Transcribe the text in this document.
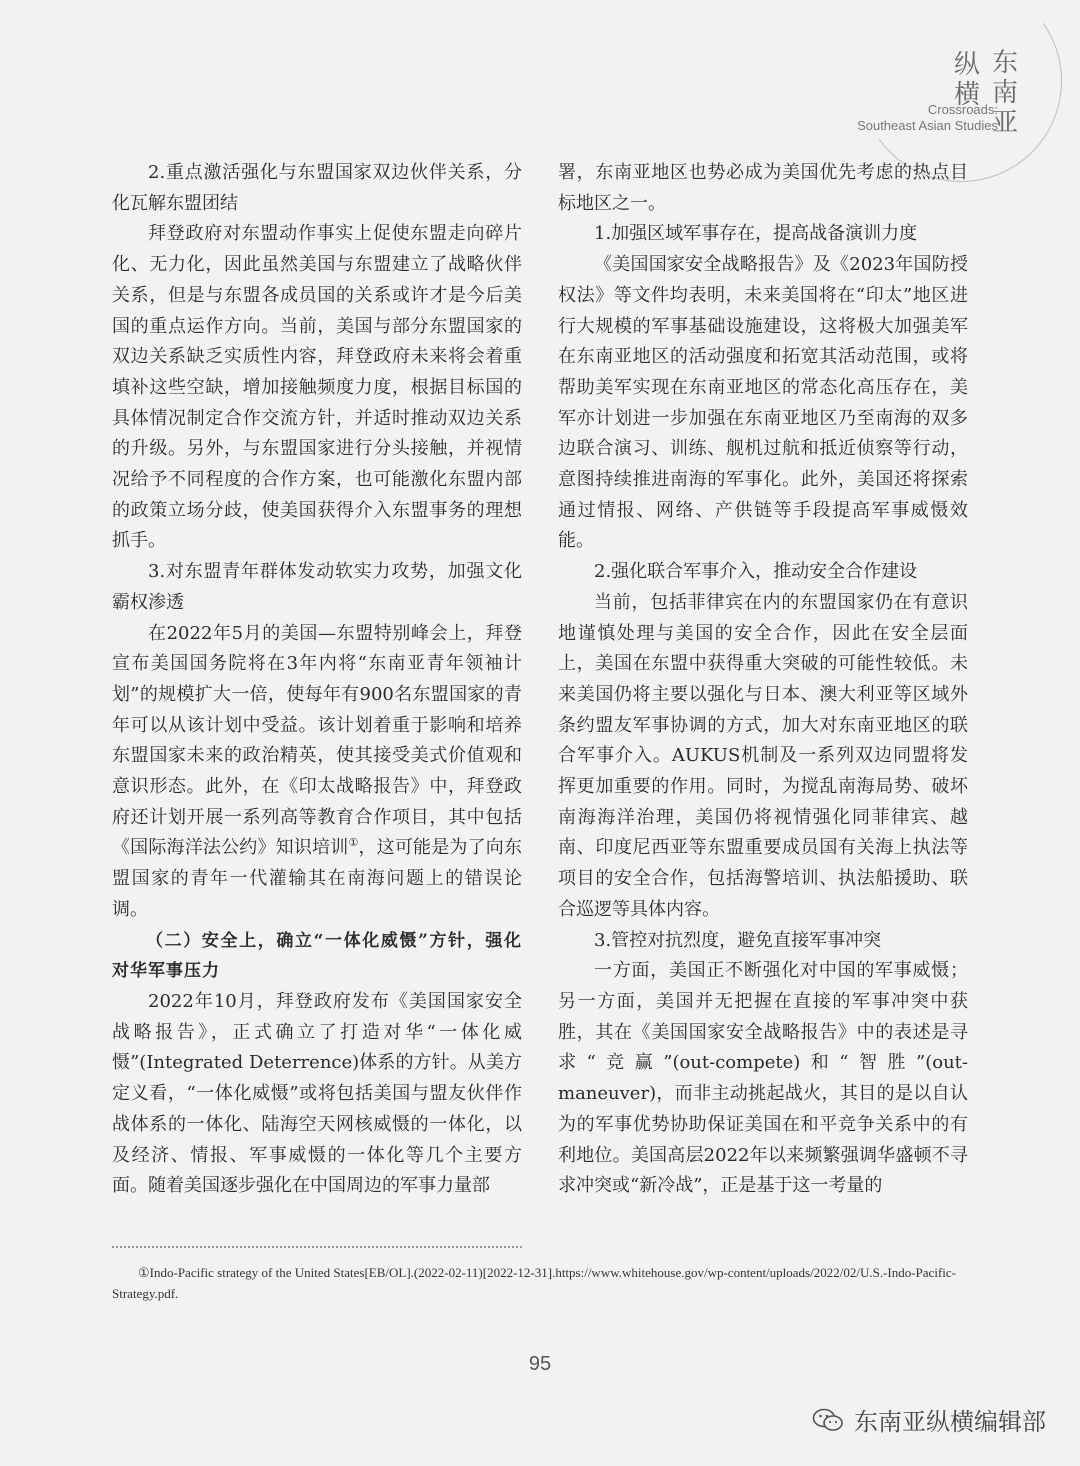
纵
横
东
南
亚
Crossroads:
Southeast Asian Studies

2.重点激活强化与东盟国家双边伙伴关系，分化瓦解东盟团结

拜登政府对东盟动作事实上促使东盟走向碎片化、无力化，因此虽然美国与东盟建立了战略伙伴关系，但是与东盟各成员国的关系或许才是今后美国的重点运作方向。当前，美国与部分东盟国家的双边关系缺乏实质性内容，拜登政府未来将会着重填补这些空缺，增加接触频度力度，根据目标国的具体情况制定合作交流方针，并适时推动双边关系的升级。另外，与东盟国家进行分头接触，并视情况给予不同程度的合作方案，也可能激化东盟内部的政策立场分歧，使美国获得介入东盟事务的理想抓手。

3.对东盟青年群体发动软实力攻势，加强文化霸权渗透

在2022年5月的美国—东盟特别峰会上，拜登宣布美国国务院将在3年内将“东南亚青年领袖计划”的规模扩大一倍，使每年有900名东盟国家的青年可以从该计划中受益。该计划着重于影响和培养东盟国家未来的政治精英，使其接受美式价值观和意识形态。此外，在《印太战略报告》中，拜登政府还计划开展一系列高等教育合作项目，其中包括《国际海洋法公约》知识培训①，这可能是为了向东盟国家的青年一代灌输其在南海问题上的错误论调。

（二）安全上，确立“一体化威慑”方针，强化对华军事压力

2022年10月，拜登政府发布《美国国家安全战略报告》，正式确立了打造对华“一体化威慑”(Integrated Deterrence)体系的方针。从美方定义看，“一体化威慑”或将包括美国与盟友伙伴作战体系的一体化、陆海空天网核威慑的一体化，以及经济、情报、军事威慑的一体化等几个主要方面。随着美国逐步强化在中国周边的军事力量部

署，东南亚地区也势必成为美国优先考虑的热点目标地区之一。

1.加强区域军事存在，提高战备演训力度

《美国国家安全战略报告》及《2023年国防授权法》等文件均表明，未来美国将在“印太”地区进行大规模的军事基础设施建设，这将极大加强美军在东南亚地区的活动强度和拓宽其活动范围，或将帮助美军实现在东南亚地区的常态化高压存在，美军亦计划进一步加强在东南亚地区乃至南海的双多边联合演习、训练、舰机过航和抵近侦察等行动，意图持续推进南海的军事化。此外，美国还将探索通过情报、网络、产供链等手段提高军事威慑效能。

2.强化联合军事介入，推动安全合作建设

当前，包括菲律宾在内的东盟国家仍在有意识地谨慎处理与美国的安全合作，因此在安全层面上，美国在东盟中获得重大突破的可能性较低。未来美国仍将主要以强化与日本、澳大利亚等区域外条约盟友军事协调的方式，加大对东南亚地区的联合军事介入。AUKUS机制及一系列双边同盟将发挥更加重要的作用。同时，为搅乱南海局势、破坏南海海洋治理，美国仍将视情强化同菲律宾、越南、印度尼西亚等东盟重要成员国有关海上执法等项目的安全合作，包括海警培训、执法船援助、联合巡逻等具体内容。

3.管控对抗烈度，避免直接军事冲突

一方面，美国正不断强化对中国的军事威慑；另一方面，美国并无把握在直接的军事冲突中获胜，其在《美国国家安全战略报告》中的表述是寻求“竞赢”(out-compete)和“智胜”(out-maneuver)，而非主动挑起战火，其目的是以自认为的军事优势协助保证美国在和平竞争关系中的有利地位。美国高层2022年以来频繁强调华盛顿不寻求冲突或“新冷战”，正是基于这一考量的

①Indo-Pacific strategy of the United States[EB/OL].(2022-02-11)[2022-12-31].https://www.whitehouse.gov/wp-content/uploads/2022/02/U.S.-Indo-Pacific-Strategy.pdf.
95
东南亚纵横编辑部
